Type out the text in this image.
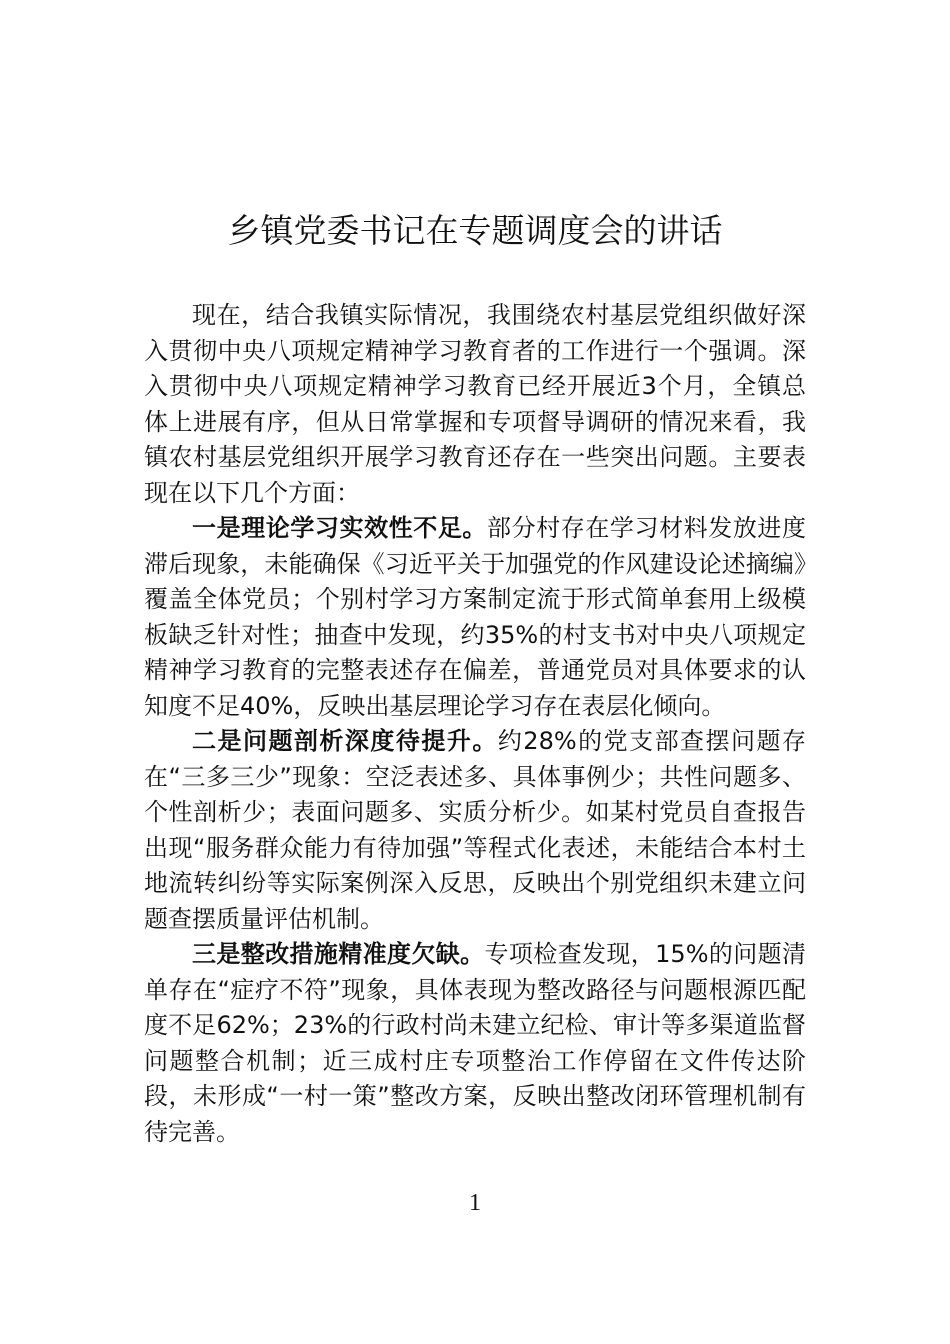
乡镇党委书记在专题调度会的讲话

现在，结合我镇实际情况，我围绕农村基层党组织做好深入贯彻中央八项规定精神学习教育者的工作进行一个强调。深入贯彻中央八项规定精神学习教育已经开展近3个月，全镇总体上进展有序，但从日常掌握和专项督导调研的情况来看，我镇农村基层党组织开展学习教育还存在一些突出问题。主要表现在以下几个方面：

一是理论学习实效性不足。部分村存在学习材料发放进度滞后现象，未能确保《习近平关于加强党的作风建设论述摘编》覆盖全体党员；个别村学习方案制定流于形式简单套用上级模板缺乏针对性；抽查中发现，约35%的村支书对中央八项规定精神学习教育的完整表述存在偏差，普通党员对具体要求的认知度不足40%，反映出基层理论学习存在表层化倾向。

二是问题剖析深度待提升。约28%的党支部查摆问题存在“三多三少”现象：空泛表述多、具体事例少；共性问题多、个性剖析少；表面问题多、实质分析少。如某村党员自查报告出现“服务群众能力有待加强”等程式化表述，未能结合本村土地流转纠纷等实际案例深入反思，反映出个别党组织未建立问题查摆质量评估机制。

三是整改措施精准度欠缺。专项检查发现，15%的问题清单存在“症疗不符”现象，具体表现为整改路径与问题根源匹配度不足62%；23%的行政村尚未建立纪检、审计等多渠道监督问题整合机制；近三成村庄专项整治工作停留在文件传达阶段，未形成“一村一策”整改方案，反映出整改闭环管理机制有待完善。

1
